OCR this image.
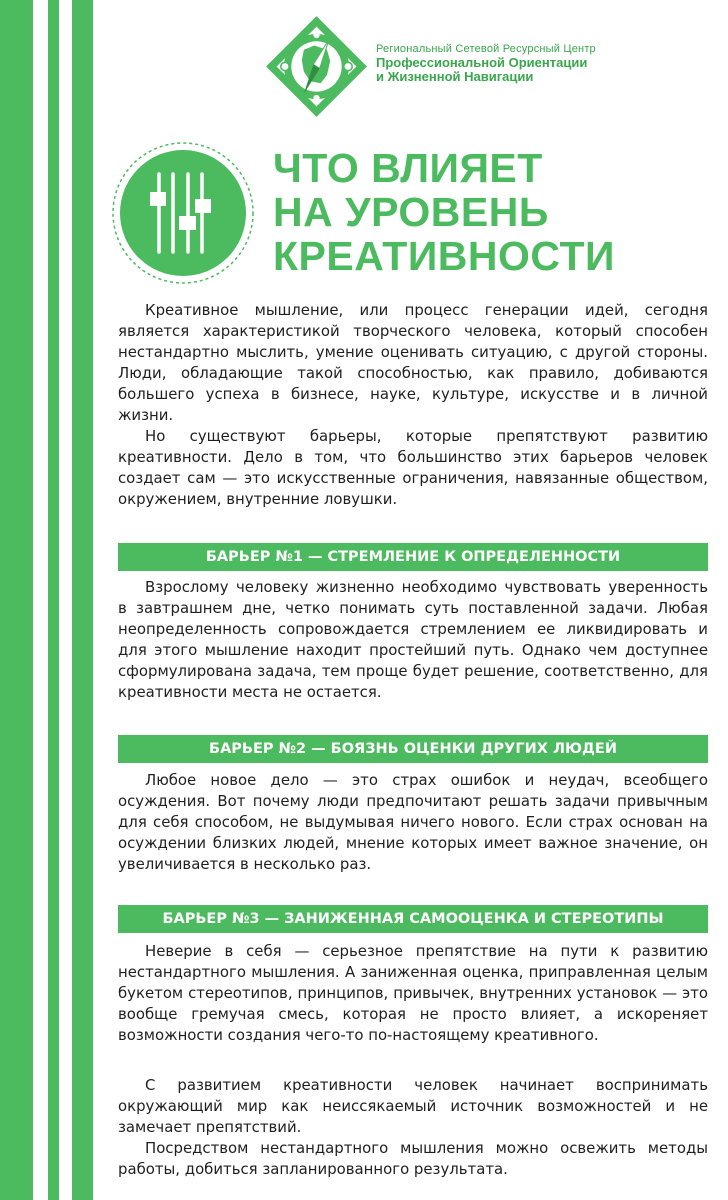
Региональный Сетевой Ресурсный Центр
Профессиональной Ориентации
и Жизненной Навигации
ЧТО ВЛИЯЕТ
НА УРОВЕНЬ
КРЕАТИВНОСТИ

Креативное мышление, или процесс генерации идей, сегодня является характеристикой творческого человека, который способен нестандартно мыслить, умение оценивать ситуацию, с другой стороны. Люди, обладающие такой способностью, как правило, добиваются большего успеха в бизнесе, науке, культуре, искусстве и в личной жизни.

Но существуют барьеры, которые препятствуют развитию креативности. Дело в том, что большинство этих барьеров человек создает сам — это искусственные ограничения, навязанные обществом, окружением, внутренние ловушки.

БАРЬЕР №1 — СТРЕМЛЕНИЕ К ОПРЕДЕЛЕННОСТИ

Взрослому человеку жизненно необходимо чувствовать уверенность в завтрашнем дне, четко понимать суть поставленной задачи. Любая неопределенность сопровождается стремлением ее ликвидировать и для этого мышление находит простейший путь. Однако чем доступнее сформулирована задача, тем проще будет решение, соответственно, для креативности места не остается.

БАРЬЕР №2 — БОЯЗНЬ ОЦЕНКИ ДРУГИХ ЛЮДЕЙ

Любое новое дело — это страх ошибок и неудач, всеобщего осуждения. Вот почему люди предпочитают решать задачи привычным для себя способом, не выдумывая ничего нового. Если страх основан на осуждении близких людей, мнение которых имеет важное значение, он увеличивается в несколько раз.

БАРЬЕР №3 — ЗАНИЖЕННАЯ САМООЦЕНКА И СТЕРЕОТИПЫ

Неверие в себя — серьезное препятствие на пути к развитию нестандартного мышления. А заниженная оценка, приправленная целым букетом стереотипов, принципов, привычек, внутренних установок — это вообще гремучая смесь, которая не просто влияет, а искореняет возможности создания чего-то по-настоящему креативного.

С развитием креативности человек начинает воспринимать окружающий мир как неиссякаемый источник возможностей и не замечает препятствий.

Посредством нестандартного мышления можно освежить методы работы, добиться запланированного результата.
